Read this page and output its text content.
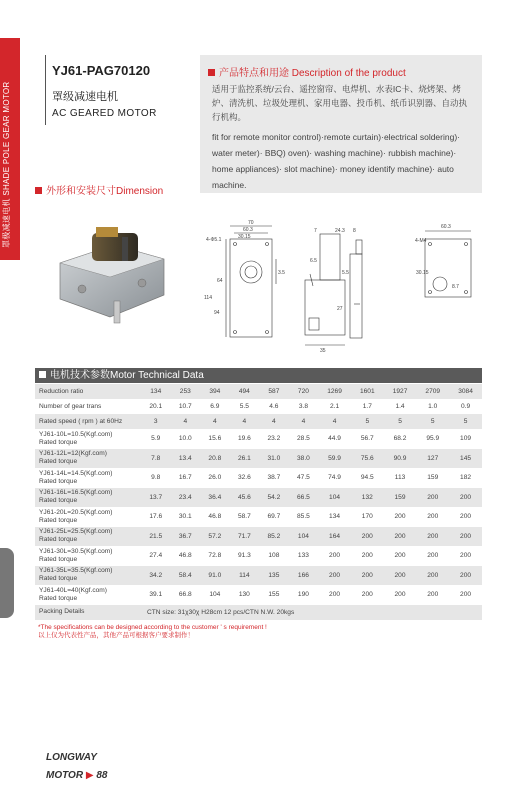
罩极减速电机 SHADE POLE GEAR MOTOR
YJ61-PAG70120
罩级减速电机
AC GEARED MOTOR
产品特点和用途 Description of the product
适用于监控系统/云台、遥控窗帘、电焊机、水表IC卡、烧烤架、烤炉、清洗机、垃圾处理机、家用电器、投币机、纸币识别器、自动执行机构。
fit for remote monitor control)·remote curtain)·electrical soldering)· water meter)· BBQ) oven)· washing machine)· rubbish machine)· home appliances)· slot machine)· money identify machine)· auto machine.
外形和安装尺寸Dimension
70
60.3
30.15
4-Φ5.1
114
94
64
3.5
24.3
7	8
6.5
27
35
5.5
4-M4
60.3
30.15
8.7
电机技术参数Motor Technical Data
Reduction ratio	134	253	394	494	587	720	1269	1601	1927	2709	3084

Number of gear trans	20.1	10.7	6.9	5.5	4.6	3.8	2.1	1.7	1.4	1.0	0.9

Rated speed ( rpm ) at 60Hz	3	4	4	4	4	4	4	5	5	5	5

YJ61-10L=10.5(Kgf.com)
Rated torque	5.9	10.0	15.6	19.6	23.2	28.5	44.9	56.7	68.2	95.9	109

YJ61-12L=12(Kgf.com)
Rated torque	7.8	13.4	20.8	26.1	31.0	38.0	59.9	75.6	90.9	127	145

YJ61-14L=14.5(Kgf.com)
Rated torque	9.8	16.7	26.0	32.6	38.7	47.5	74.9	94.5	113	159	182

YJ61-16L=16.5(Kgf.com)
Rated torque	13.7	23.4	36.4	45.6	54.2	66.5	104	132	159	200	200

YJ61-20L=20.5(Kgf.com)
Rated torque	17.6	30.1	46.8	58.7	69.7	85.5	134	170	200	200	200

YJ61-25L=25.5(Kgf.com)
Rated torque	21.5	36.7	57.2	71.7	85.2	104	164	200	200	200	200

YJ61-30L=30.5(Kgf.com)
Rated torque	27.4	46.8	72.8	91.3	108	133	200	200	200	200	200

YJ61-35L=35.5(Kgf.com)
Rated torque	34.2	58.4	91.0	114	135	166	200	200	200	200	200

YJ61-40L=40(Kgf.com)
Rated torque	39.1	66.8	104	130	155	190	200	200	200	200	200
Packing Details	CTN size: 31χ30χ H28cm 12 pcs/CTN N.W. 20kgs										
*The specifications can be designed according to the customer ' s requirement !
以上仅为代表性产品，其他产品可根据客户要求制作！
LONGWAY
MOTOR ▶ 88
